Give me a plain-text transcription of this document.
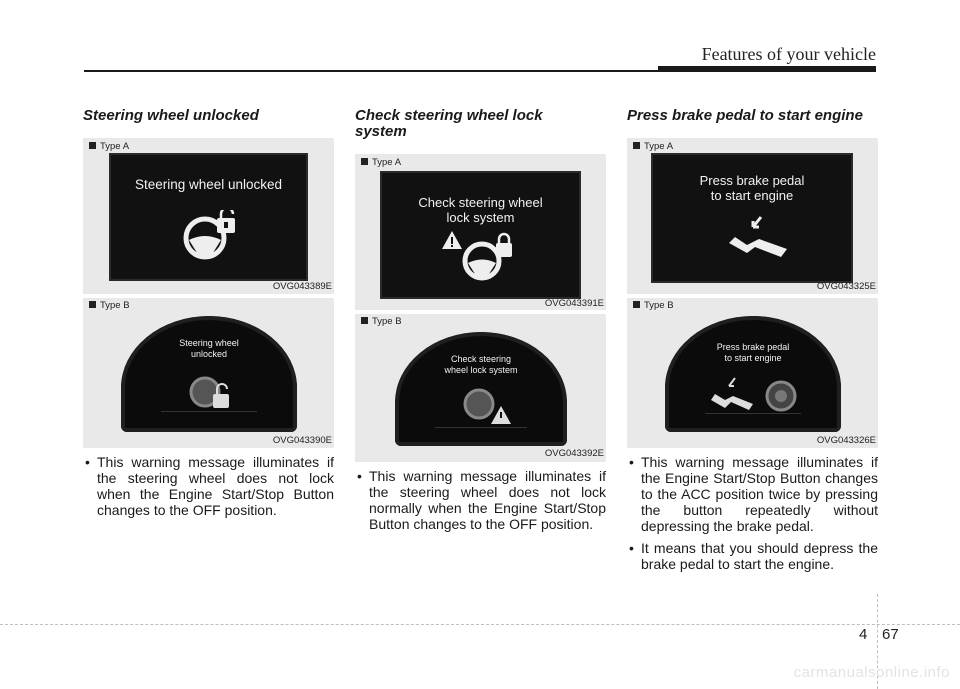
Features of your vehicle
Steering wheel unlocked
Type A
Steering wheel unlocked
OVG043389E
Type B
Steering wheel
unlocked
OVG043390E
• This warning message illuminates if the steering wheel does not lock when the Engine Start/Stop Button changes to the OFF position.
Check steering wheel lock system
Type A
Check steering wheel
lock system
OVG043391E
Type B
Check steering
wheel lock system
OVG043392E
• This warning message illuminates if the steering wheel does not lock normally when the Engine Start/Stop Button changes to the OFF position.
Press brake pedal to start engine
Type A
Press brake pedal
to start engine
OVG043325E
Type B
Press brake pedal
to start engine
OVG043326E
• This warning message illuminates if the Engine Start/Stop Button changes to the ACC position twice by pressing the button repeatedly without depressing the brake pedal.
• It means that you should depress the brake pedal to start the engine.
4 67
carmanualsonline.info
